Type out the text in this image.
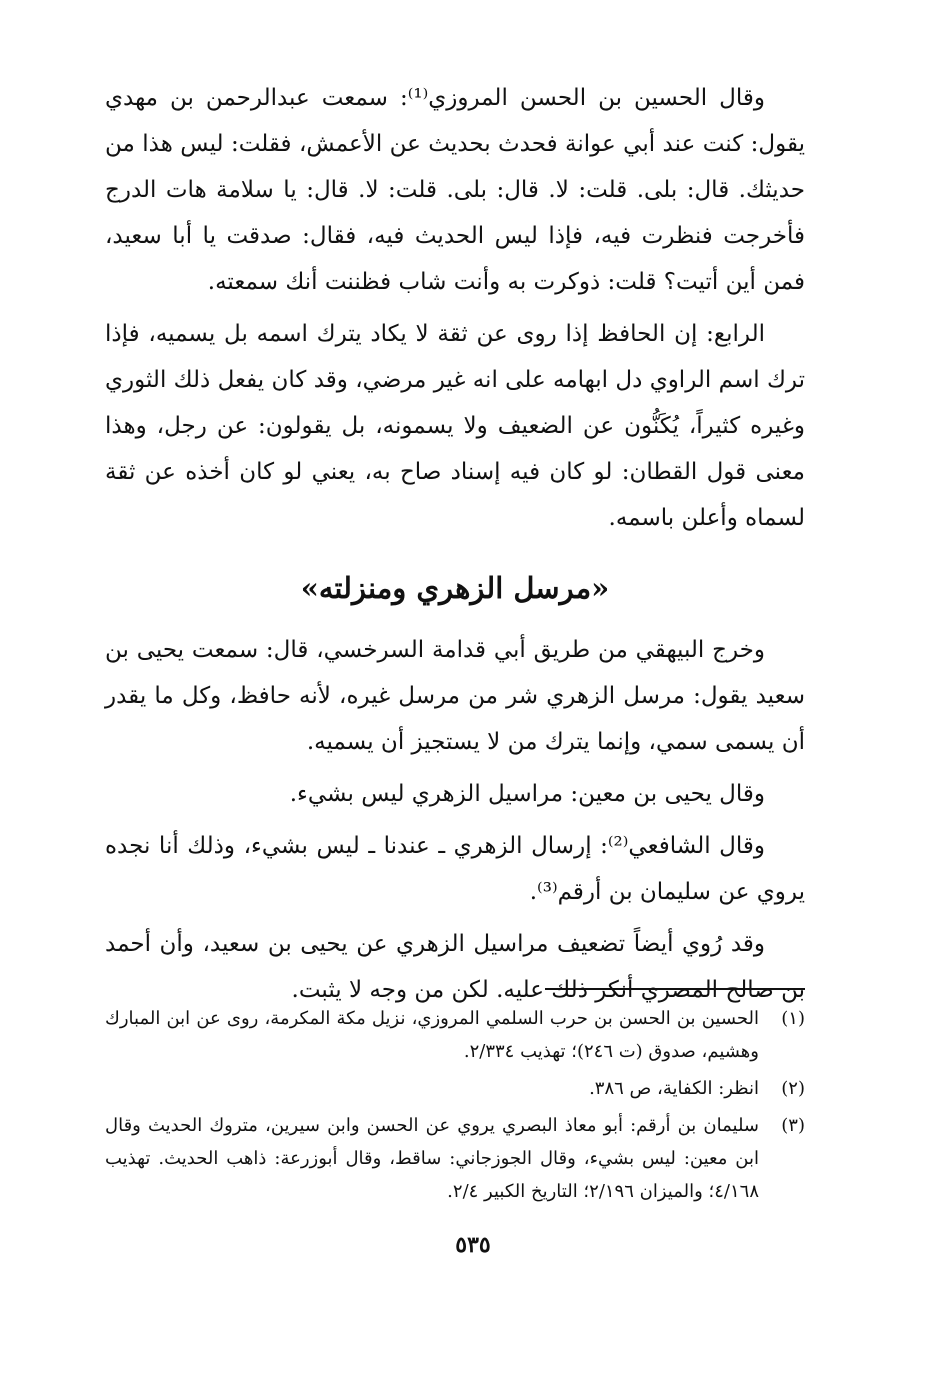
وقال الحسين بن الحسن المروزي⁽¹⁾: سمعت عبدالرحمن بن مهدي يقول: كنت عند أبي عوانة فحدث بحديث عن الأعمش، فقلت: ليس هذا من حديثك. قال: بلى. قلت: لا. قال: بلى. قلت: لا. قال: يا سلامة هات الدرج فأخرجت فنظرت فيه، فإذا ليس الحديث فيه، فقال: صدقت يا أبا سعيد، فمن أين أتيت؟ قلت: ذوكرت به وأنت شاب فظننت أنك سمعته.

الرابع: إن الحافظ إذا روى عن ثقة لا يكاد يترك اسمه بل يسميه، فإذا ترك اسم الراوي دل ابهامه على انه غير مرضي، وقد كان يفعل ذلك الثوري وغيره كثيراً، يُكَنُّون عن الضعيف ولا يسمونه، بل يقولون: عن رجل، وهذا معنى قول القطان: لو كان فيه إسناد صاح به، يعني لو كان أخذه عن ثقة لسماه وأعلن باسمه.

«مرسل الزهري ومنزلته»

وخرج البيهقي من طريق أبي قدامة السرخسي، قال: سمعت يحيى بن سعيد يقول: مرسل الزهري شر من مرسل غيره، لأنه حافظ، وكل ما يقدر أن يسمى سمي، وإنما يترك من لا يستجيز أن يسميه.

وقال يحيى بن معين: مراسيل الزهري ليس بشيء.

وقال الشافعي⁽²⁾: إرسال الزهري ـ عندنا ـ ليس بشيء، وذلك أنا نجده يروي عن سليمان بن أرقم⁽³⁾.

وقد رُوي أيضاً تضعيف مراسيل الزهري عن يحيى بن سعيد، وأن أحمد بن صالح المصري أنكر ذلك عليه. لكن من وجه لا يثبت.

(١)
الحسين بن الحسن بن حرب السلمي المروزي، نزيل مكة المكرمة، روى عن ابن المبارك وهشيم، صدوق (ت ٢٤٦)؛ تهذيب ٢/٣٣٤.
(٢)
انظر: الكفاية، ص ٣٨٦.
(٣)
سليمان بن أرقم: أبو معاذ البصري يروي عن الحسن وابن سيرين، متروك الحديث وقال ابن معين: ليس بشيء، وقال الجوزجاني: ساقط، وقال أبوزرعة: ذاهب الحديث. تهذيب ٤/١٦٨؛ والميزان ٢/١٩٦؛ التاريخ الكبير ٢/٤.
٥٣٥
